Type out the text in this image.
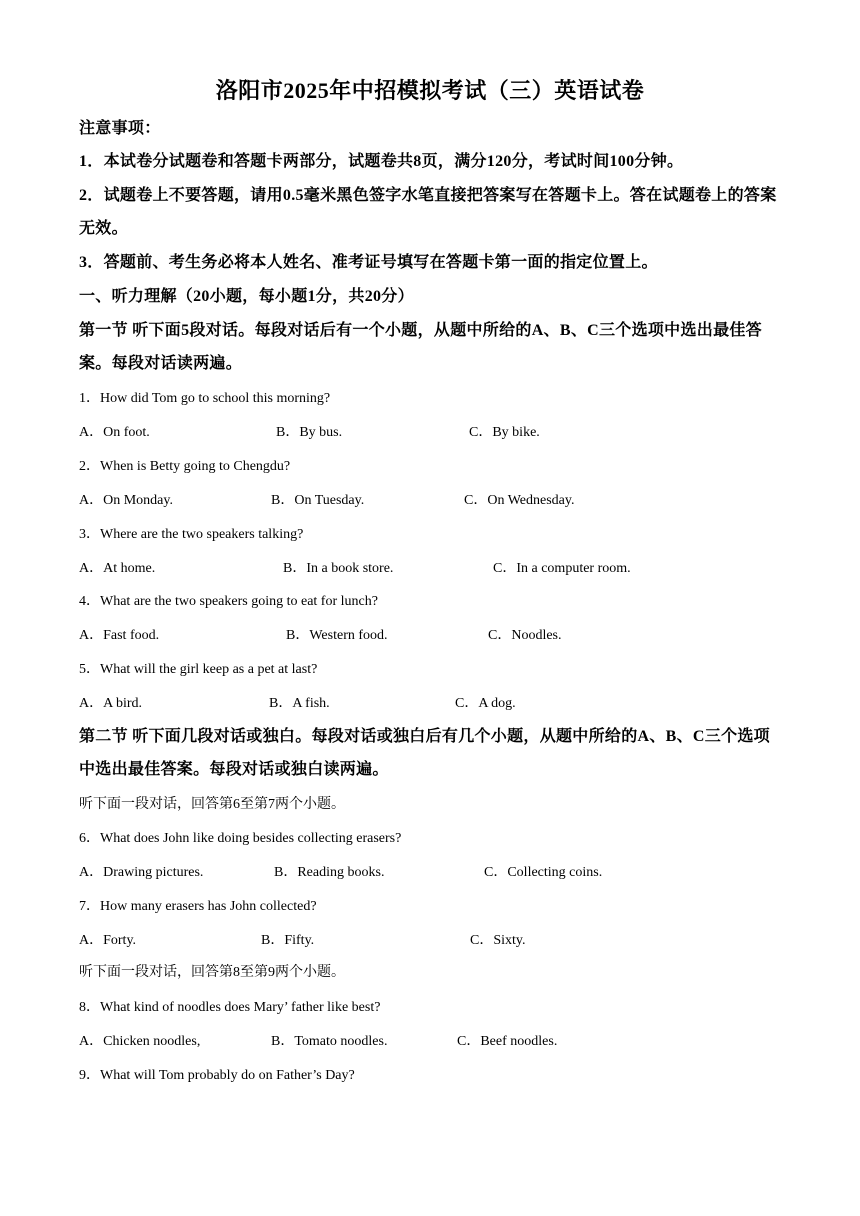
洛阳市2025年中招模拟考试（三）英语试卷
注意事项：
1．本试卷分试题卷和答题卡两部分，试题卷共8页，满分120分，考试时间100分钟。
2．试题卷上不要答题，请用0.5毫米黑色签字水笔直接把答案写在答题卡上。答在试题卷上的答案无效。
3．答题前、考生务必将本人姓名、准考证号填写在答题卡第一面的指定位置上。
一、听力理解（20小题，每小题1分，共20分）
第一节 听下面5段对话。每段对话后有一个小题，从题中所给的A、B、C三个选项中选出最佳答案。每段对话读两遍。
1．How did Tom go to school this morning?
A．On foot.	B．By bus.	C．By bike.
2．When is Betty going to Chengdu?
A．On Monday.	B．On Tuesday.	C．On Wednesday.
3．Where are the two speakers talking?
A．At home.	B．In a book store.	C．In a computer room.
4．What are the two speakers going to eat for lunch?
A．Fast food.	B．Western food.	C．Noodles.
5．What will the girl keep as a pet at last?
A．A bird.	B．A fish.	C．A dog.
第二节 听下面几段对话或独白。每段对话或独白后有几个小题，从题中所给的A、B、C三个选项中选出最佳答案。每段对话或独白读两遍。
听下面一段对话，回答第6至第7两个小题。
6．What does John like doing besides collecting erasers?
A．Drawing pictures.	B．Reading books.	C．Collecting coins.
7．How many erasers has John collected?
A．Forty.	B．Fifty.	C．Sixty.
听下面一段对话，回答第8至第9两个小题。
8．What kind of noodles does Mary’ father like best?
A．Chicken noodles,	B．Tomato noodles.	C．Beef noodles.
9．What will Tom probably do on Father’s Day?
